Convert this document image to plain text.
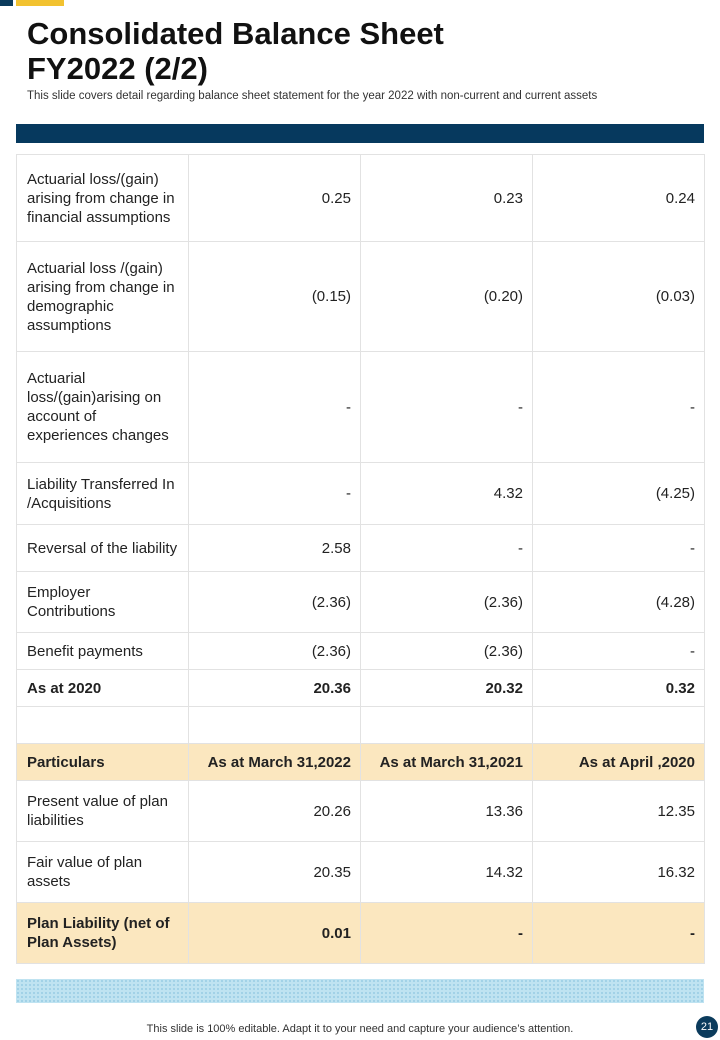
Consolidated Balance Sheet
FY2022 (2/2)

This slide covers detail regarding balance sheet statement for the year 2022 with non-current and current assets

Actuarial loss/(gain) arising from change in financial assumptions	0.25	0.23	0.24
Actuarial loss /(gain) arising from change in demographic assumptions	(0.15)	(0.20)	(0.03)
Actuarial loss/(gain)arising on account of experiences changes	-	-	-
Liability Transferred In /Acquisitions	-	4.32	(4.25)
Reversal of the liability	2.58	-	-
Employer Contributions	(2.36)	(2.36)	(4.28)
Benefit payments	(2.36)	(2.36)	-
As at 2020	20.36	20.32	0.32

Particulars	As at March 31,2022	As at March 31,2021	As at April ,2020
Present value of plan liabilities	20.26	13.36	12.35
Fair value of plan assets	20.35	14.32	16.32
Plan Liability (net of Plan Assets)	0.01	-	-
This slide is 100% editable. Adapt it to your need and capture your audience’s attention.	21
